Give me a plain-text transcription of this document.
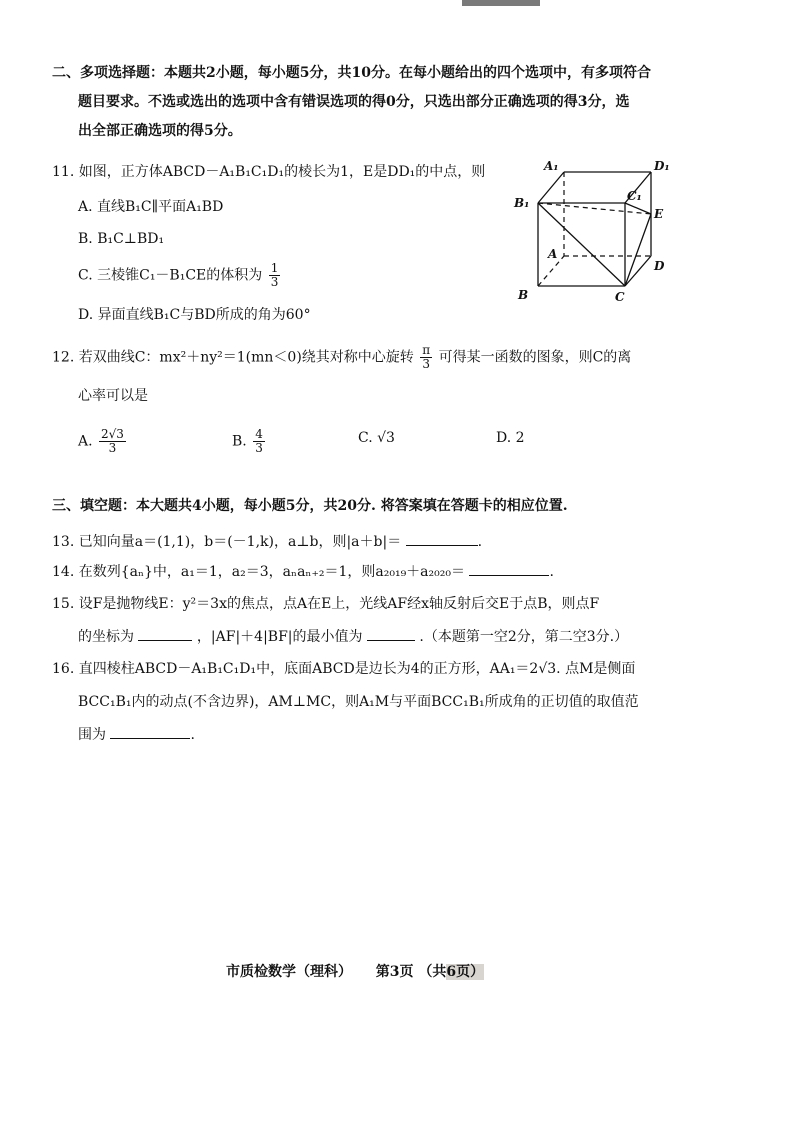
二、多项选择题：本题共2小题，每小题5分，共10分。在每小题给出的四个选项中，有多项符合
题目要求。不选或选出的选项中含有错误选项的得0分，只选出部分正确选项的得3分，选
出全部正确选项的得5分。
11. 如图，正方体ABCD－A₁B₁C₁D₁的棱长为1，E是DD₁的中点，则
A. 直线B₁C∥平面A₁BD
B. B₁C⊥BD₁
C. 三棱锥C₁－B₁CE的体积为 $\frac{1}{3}$
D. 异面直线B₁C与BD所成的角为60°
A₁	D₁
B₁	C₁
E
A
D
B	C
12. 若双曲线C：mx²＋ny²＝1(mn＜0)绕其对称中心旋转 $\frac{\pi}{3}$ 可得某一函数的图象，则C的离
心率可以是
A. $\frac{2√3}{3}$	B. $\frac{4}{3}$	C. √3	D. 2
三、填空题：本大题共4小题，每小题5分，共20分. 将答案填在答题卡的相应位置.
13. 已知向量a＝(1,1)，b＝(－1,k)，a⊥b，则|a＋b|＝	.
14. 在数列{aₙ}中，a₁＝1，a₂＝3，aₙaₙ₊₂＝1，则a₂₀₁₉＋a₂₀₂₀＝	.
15. 设F是抛物线E：y²＝3x的焦点，点A在E上，光线AF经x轴反射后交E于点B，则点F
的坐标为	，|AF|＋4|BF|的最小值为	.（本题第一空2分，第二空3分.）
16. 直四棱柱ABCD－A₁B₁C₁D₁中，底面ABCD是边长为4的正方形，AA₁＝2√3. 点M是侧面
BCC₁B₁内的动点(不含边界)，AM⊥MC，则A₁M与平面BCC₁B₁所成角的正切值的取值范
围为	.
市质检数学（理科） 第3页 （共6页）
